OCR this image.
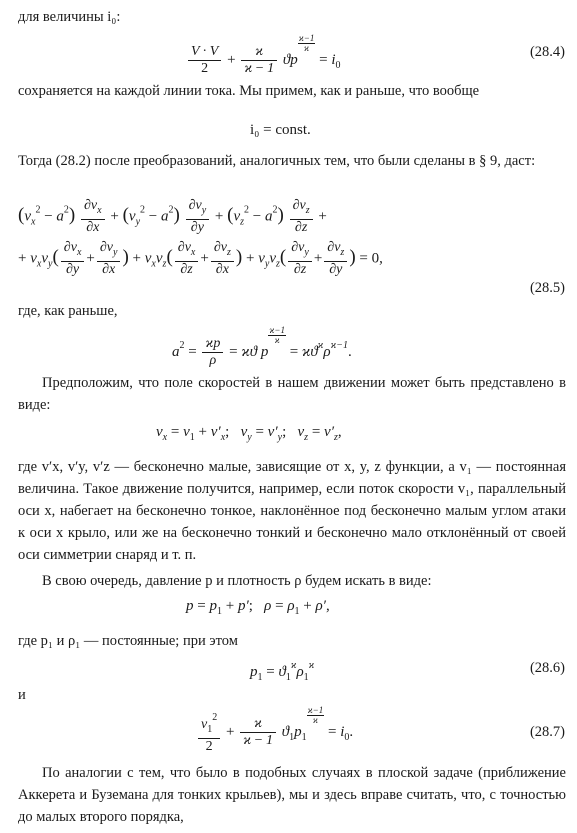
для величины i₀:
$\frac{V \cdot V}{2} + \frac{ϰ}{ϰ - 1}$ ϑp
$\frac{ϰ-1}{ϰ}$
= $i_0$
(28.4)
сохраняется на каждой линии тока. Мы примем, как и раньше, что вообще
i₀ = const.
Тогда (28.2) после преобразований, аналогичных тем, что были сделаны в § 9, даст:
$(v_x^2 - a^2) \frac{\partial v_x}{\partial x} + (v_y^2 - a^2) \frac{\partial v_y}{\partial y} + (v_z^2 - a^2) \frac{\partial v_z}{\partial z}$ +
+ $v_xv_y( \frac{\partial v_x}{\partial y} + \frac{\partial v_y}{\partial x}$ ) + $v_xv_z( \frac{\partial v_x}{\partial z} + \frac{\partial v_z}{\partial x}$ ) + $v_yv_z( \frac{\partial v_y}{\partial z} + \frac{\partial v_z}{\partial y}$ ) = 0,
(28.5)
где, как раньше,
$a^2 = \frac{ϰp}{\rho} = ϰϑ$ p
$\frac{ϰ-1}{ϰ}$
= $ϰϑ^ϰ\rho^{ϰ-1}$.
Предположим, что поле скоростей в нашем движении может быть представлено в виде:
$v_x = v_1 + v'_x$;   $v_y = v'_y$;   $v_z = v'_z$,
где v′x, v′y, v′z — бесконечно малые, зависящие от x, y, z функции, а v₁ — постоянная величина. Такое движение получится, например, если поток скорости v₁, параллельный оси x, набегает на бесконечно тонкое, наклонённое под бесконечно малым углом атаки к оси x крыло, или же на бесконечно тонкий и бесконечно мало отклонённый от своей оси симметрии снаряд и т. п.
В свою очередь, давление p и плотность ρ будем искать в виде:
$p = p_1 + p'$;   $\rho = \rho_1 + \rho'$,
где p₁ и ρ₁ — постоянные; при этом
$p_1 = ϑ_1^ϰ\rho_1^ϰ$	(28.6)
и
$\frac{v_1^2}{2} + \frac{ϰ}{ϰ - 1} ϑ_1p_1$
$\frac{ϰ-1}{ϰ}$
= $i_0$.	(28.7)
По аналогии с тем, что было в подобных случаях в плоской задаче (приближение Аккерета и Буземана для тонких крыльев), мы и здесь вправе считать, что, с точностью до малых второго порядка,
